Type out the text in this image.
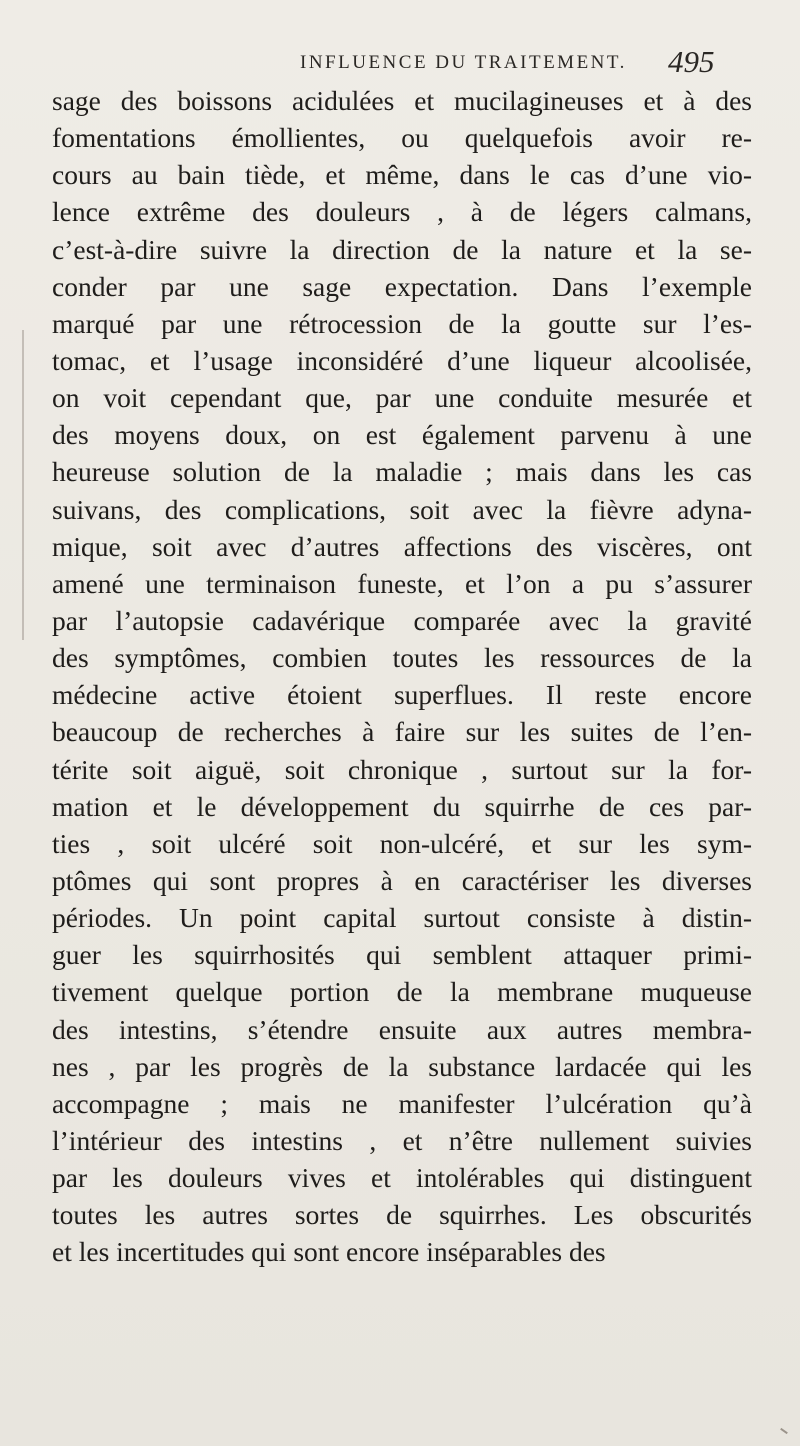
INFLUENCE DU TRAITEMENT. 495
sage des boissons acidulées et mucilagineuses et à des
fomentations émollientes, ou quelquefois avoir re-
cours au bain tiède, et même, dans le cas d’une vio-
lence extrême des douleurs , à de légers calmans,
c’est-à-dire suivre la direction de la nature et la se-
conder par une sage expectation. Dans l’exemple
marqué par une rétrocession de la goutte sur l’es-
tomac, et l’usage inconsidéré d’une liqueur alcoolisée,
on voit cependant que, par une conduite mesurée et
des moyens doux, on est également parvenu à une
heureuse solution de la maladie ; mais dans les cas
suivans, des complications, soit avec la fièvre adyna-
mique, soit avec d’autres affections des viscères, ont
amené une terminaison funeste, et l’on a pu s’assurer
par l’autopsie cadavérique comparée avec la gravité
des symptômes, combien toutes les ressources de la
médecine active étoient superflues. Il reste encore
beaucoup de recherches à faire sur les suites de l’en-
térite soit aiguë, soit chronique , surtout sur la for-
mation et le développement du squirrhe de ces par-
ties , soit ulcéré soit non-ulcéré, et sur les sym-
ptômes qui sont propres à en caractériser les diverses
périodes. Un point capital surtout consiste à distin-
guer les squirrhosités qui semblent attaquer primi-
tivement quelque portion de la membrane muqueuse
des intestins, s’étendre ensuite aux autres membra-
nes , par les progrès de la substance lardacée qui les
accompagne ; mais ne manifester l’ulcération qu’à
l’intérieur des intestins , et n’être nullement suivies
par les douleurs vives et intolérables qui distinguent
toutes les autres sortes de squirrhes. Les obscurités
et les incertitudes qui sont encore inséparables des
